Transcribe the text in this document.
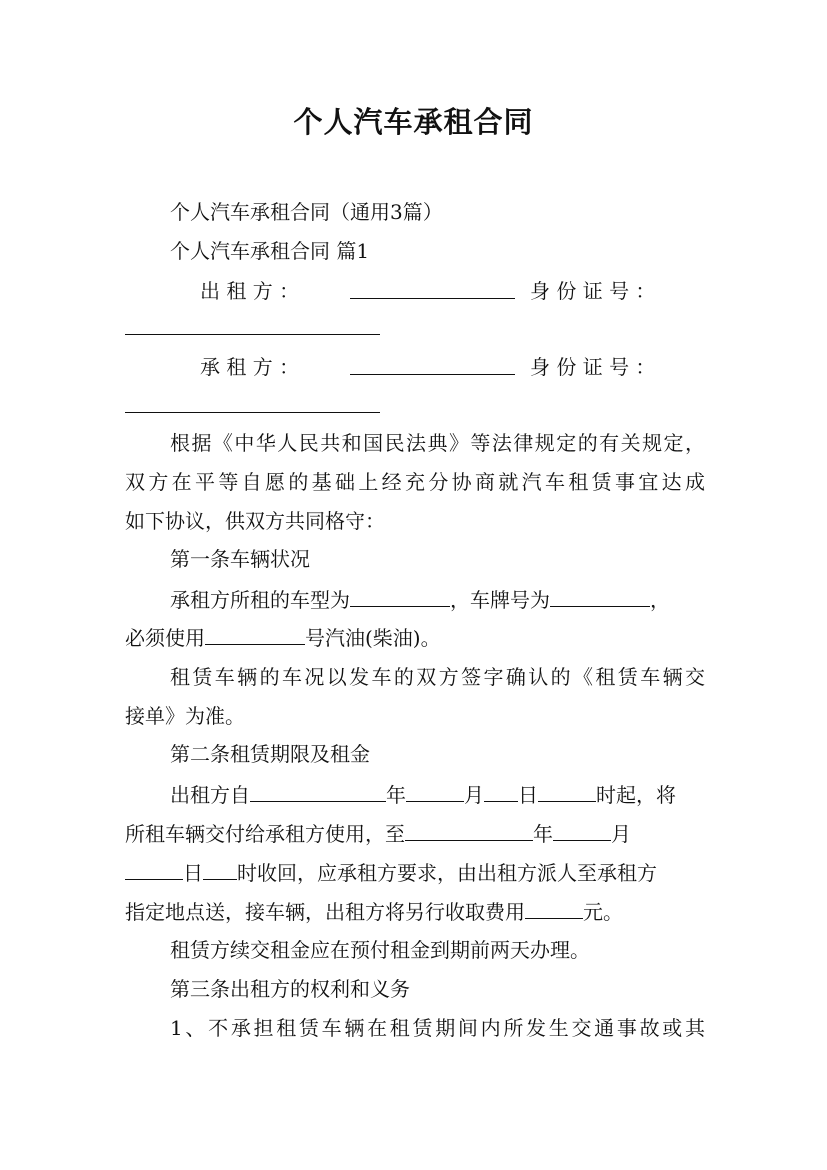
个人汽车承租合同
个人汽车承租合同（通用3篇）
个人汽车承租合同 篇1
出 租 方 ：	身 份 证 号 ：
承 租 方 ：	身 份 证 号 ：
根据《中华人民共和国民法典》等法律规定的有关规定，
双方在平等自愿的基础上经充分协商就汽车租赁事宜达成
如下协议，供双方共同格守：
第一条车辆状况
承租方所租的车型为	，车牌号为	，
必须使用	号汽油(柴油)。
租赁车辆的车况以发车的双方签字确认的《租赁车辆交
接单》为准。
第二条租赁期限及租金
出租方自	年	月 日	时起，将
所租车辆交付给承租方使用，至	年	月
日 时收回，应承租方要求，由出租方派人至承租方
指定地点送，接车辆，出租方将另行收取费用	元。
租赁方续交租金应在预付租金到期前两天办理。
第三条出租方的权利和义务
1、不承担租赁车辆在租赁期间内所发生交通事故或其
